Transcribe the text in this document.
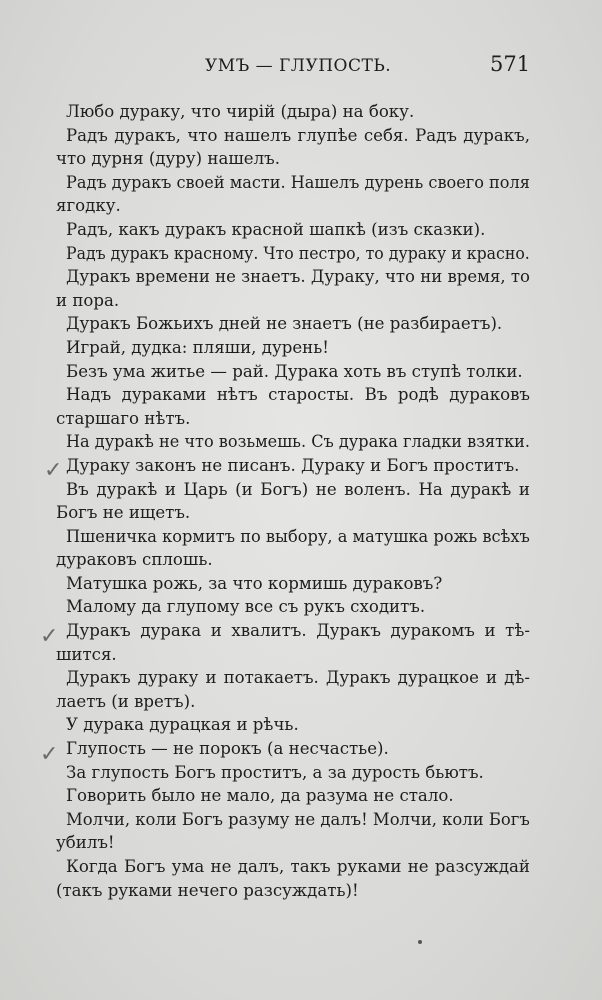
УМЪ — ГЛУПОСТЬ.	571
✓
✓
✓
Любо дураку, что чирій (дыра) на боку.
Радъ дуракъ, что нашелъ глупѣе себя. Радъ дуракъ,
что дурня (дуру) нашелъ.
Радъ дуракъ своей масти. Нашелъ дурень своего поля
ягодку.
Радъ, какъ дуракъ красной шапкѣ (изъ сказки).
Радъ дуракъ красному. Что пестро, то дураку и красно.
Дуракъ времени не знаетъ. Дураку, что ни время, то
и пора.
Дуракъ Божьихъ дней не знаетъ (не разбираетъ).
Играй, дудка: пляши, дурень!
Безъ ума житье — рай. Дурака хоть въ ступѣ толки.
Надъ дураками нѣтъ старосты. Въ родѣ дураковъ
старшаго нѣтъ.
На дуракѣ не что возьмешь. Съ дурака гладки взятки.
Дураку законъ не писанъ. Дураку и Богъ проститъ.
Въ дуракѣ и Царь (и Богъ) не воленъ. На дуракѣ и
Богъ не ищетъ.
Пшеничка кормитъ по выбору, а матушка рожь всѣхъ
дураковъ сплошь.
Матушка рожь, за что кормишь дураковъ?
Малому да глупому все съ рукъ сходитъ.
Дуракъ дурака и хвалитъ. Дуракъ дуракомъ и тѣ-
шится.
Дуракъ дураку и потакаетъ. Дуракъ дурацкое и дѣ-
лаетъ (и вретъ).
У дурака дурацкая и рѣчь.
Глупость — не порокъ (а несчастье).
За глупость Богъ проститъ, а за дурость бьютъ.
Говорить было не мало, да разума не стало.
Молчи, коли Богъ разуму не далъ! Молчи, коли Богъ
убилъ!
Когда Богъ ума не далъ, такъ руками не разсуждай
(такъ руками нечего разсуждать)!
